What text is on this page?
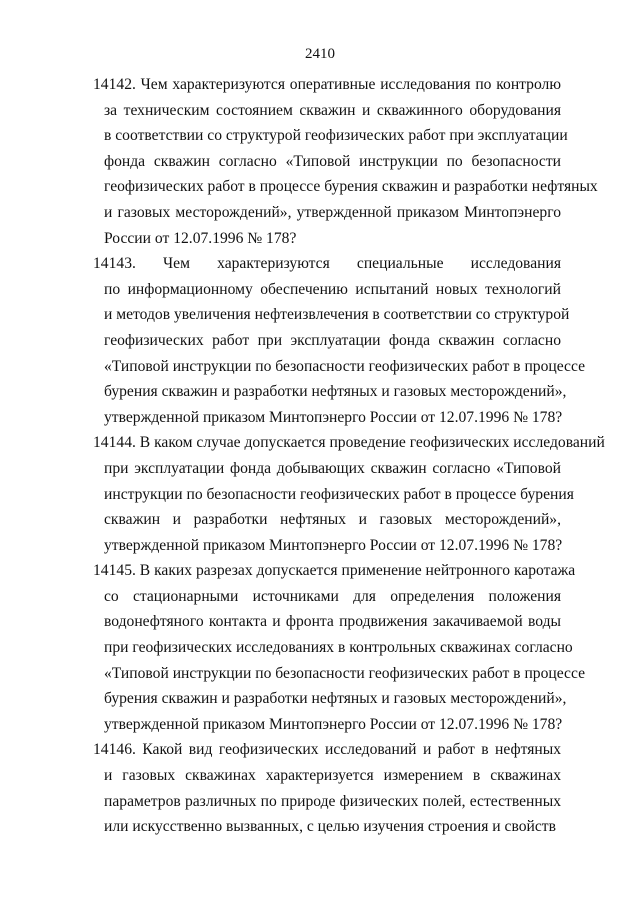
2410
14142. Чем характеризуются оперативные исследования по контролю
за техническим состоянием скважин и скважинного оборудования
в соответствии со структурой геофизических работ при эксплуатации
фонда скважин согласно «Типовой инструкции по безопасности
геофизических работ в процессе бурения скважин и разработки нефтяных
и газовых месторождений», утвержденной приказом Минтопэнерго
России от 12.07.1996 № 178?
14143. Чем характеризуются специальные исследования
по информационному обеспечению испытаний новых технологий
и методов увеличения нефтеизвлечения в соответствии со структурой
геофизических работ при эксплуатации фонда скважин согласно
«Типовой инструкции по безопасности геофизических работ в процессе
бурения скважин и разработки нефтяных и газовых месторождений»,
утвержденной приказом Минтопэнерго России от 12.07.1996 № 178?
14144. В каком случае допускается проведение геофизических исследований
при эксплуатации фонда добывающих скважин согласно «Типовой
инструкции по безопасности геофизических работ в процессе бурения
скважин и разработки нефтяных и газовых месторождений»,
утвержденной приказом Минтопэнерго России от 12.07.1996 № 178?
14145. В каких разрезах допускается применение нейтронного каротажа
со стационарными источниками для определения положения
водонефтяного контакта и фронта продвижения закачиваемой воды
при геофизических исследованиях в контрольных скважинах согласно
«Типовой инструкции по безопасности геофизических работ в процессе
бурения скважин и разработки нефтяных и газовых месторождений»,
утвержденной приказом Минтопэнерго России от 12.07.1996 № 178?
14146. Какой вид геофизических исследований и работ в нефтяных
и газовых скважинах характеризуется измерением в скважинах
параметров различных по природе физических полей, естественных
или искусственно вызванных, с целью изучения строения и свойств
